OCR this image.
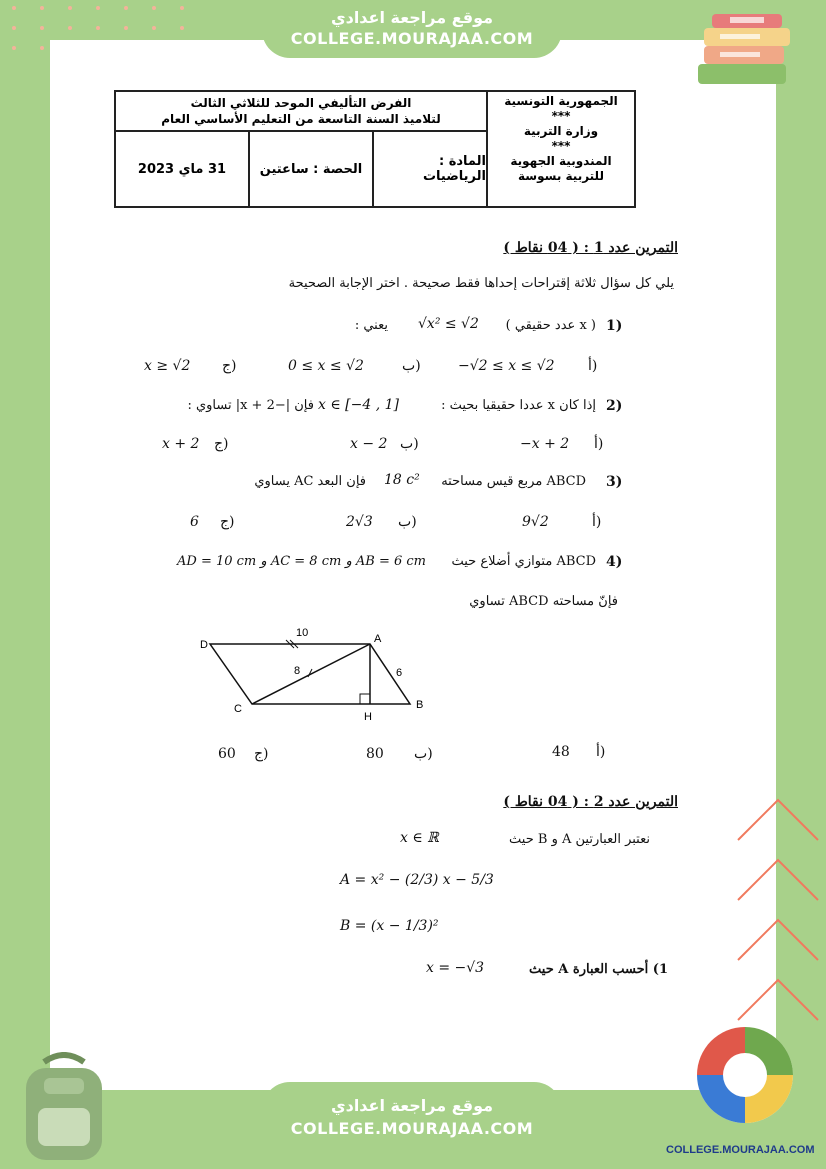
موقع مراجعة اعدادي
COLLEGE.MOURAJAA.COM
الجمهورية التونسية
***
وزارة التربية
***
المندوبية الجهوية
للتربية بسوسة
الفرض التأليفي الموحد للثلاثي الثالث
لتلاميذ السنة التاسعة من التعليم الأساسي العام
المادة : الرياضيات
الحصة : ساعتين
31 ماي 2023
التمرين عدد 1 : ( 04 نقاط )
يلي كل سؤال ثلاثة إقتراحات إحداها فقط صحيحة . اختر الإجابة الصحيحة
1)
( x عدد حقيقي )
√x² ≤ √2
يعني :
أ)
−√2 ≤ x ≤ √2
ب)
0 ≤ x ≤ √2
ج)
x ≥ √2
2)
إذا كان x عددا حقيقيا بحيث :
x ∈ [−4 , 1]
فإن |−x + 2| تساوي :
أ)
−x + 2
ب)
x − 2
ج)
x + 2
3)
ABCD مربع قيس مساحته
18 c²
فإن البعد AC يساوي
أ)
9√2
ب)
2√3
ج)
6
4)
ABCD متوازي أضلاع حيث
AB = 6 cm و AC = 8 cm و AD = 10 cm
فإنّ مساحته ABCD تساوي
D	A
B
C
H
10
8	6
أ)
48
ب)
80
ج)
60
التمرين عدد 2 : ( 04 نقاط )
نعتبر العبارتين A و B حيث
x ∈ ℝ
A = x² − (2/3) x − 5/3
B = (x − 1/3)²
1) أحسب العبارة A حيث
x = −√3
موقع مراجعة اعدادي
COLLEGE.MOURAJAA.COM
COLLEGE.MOURAJAA.COM
